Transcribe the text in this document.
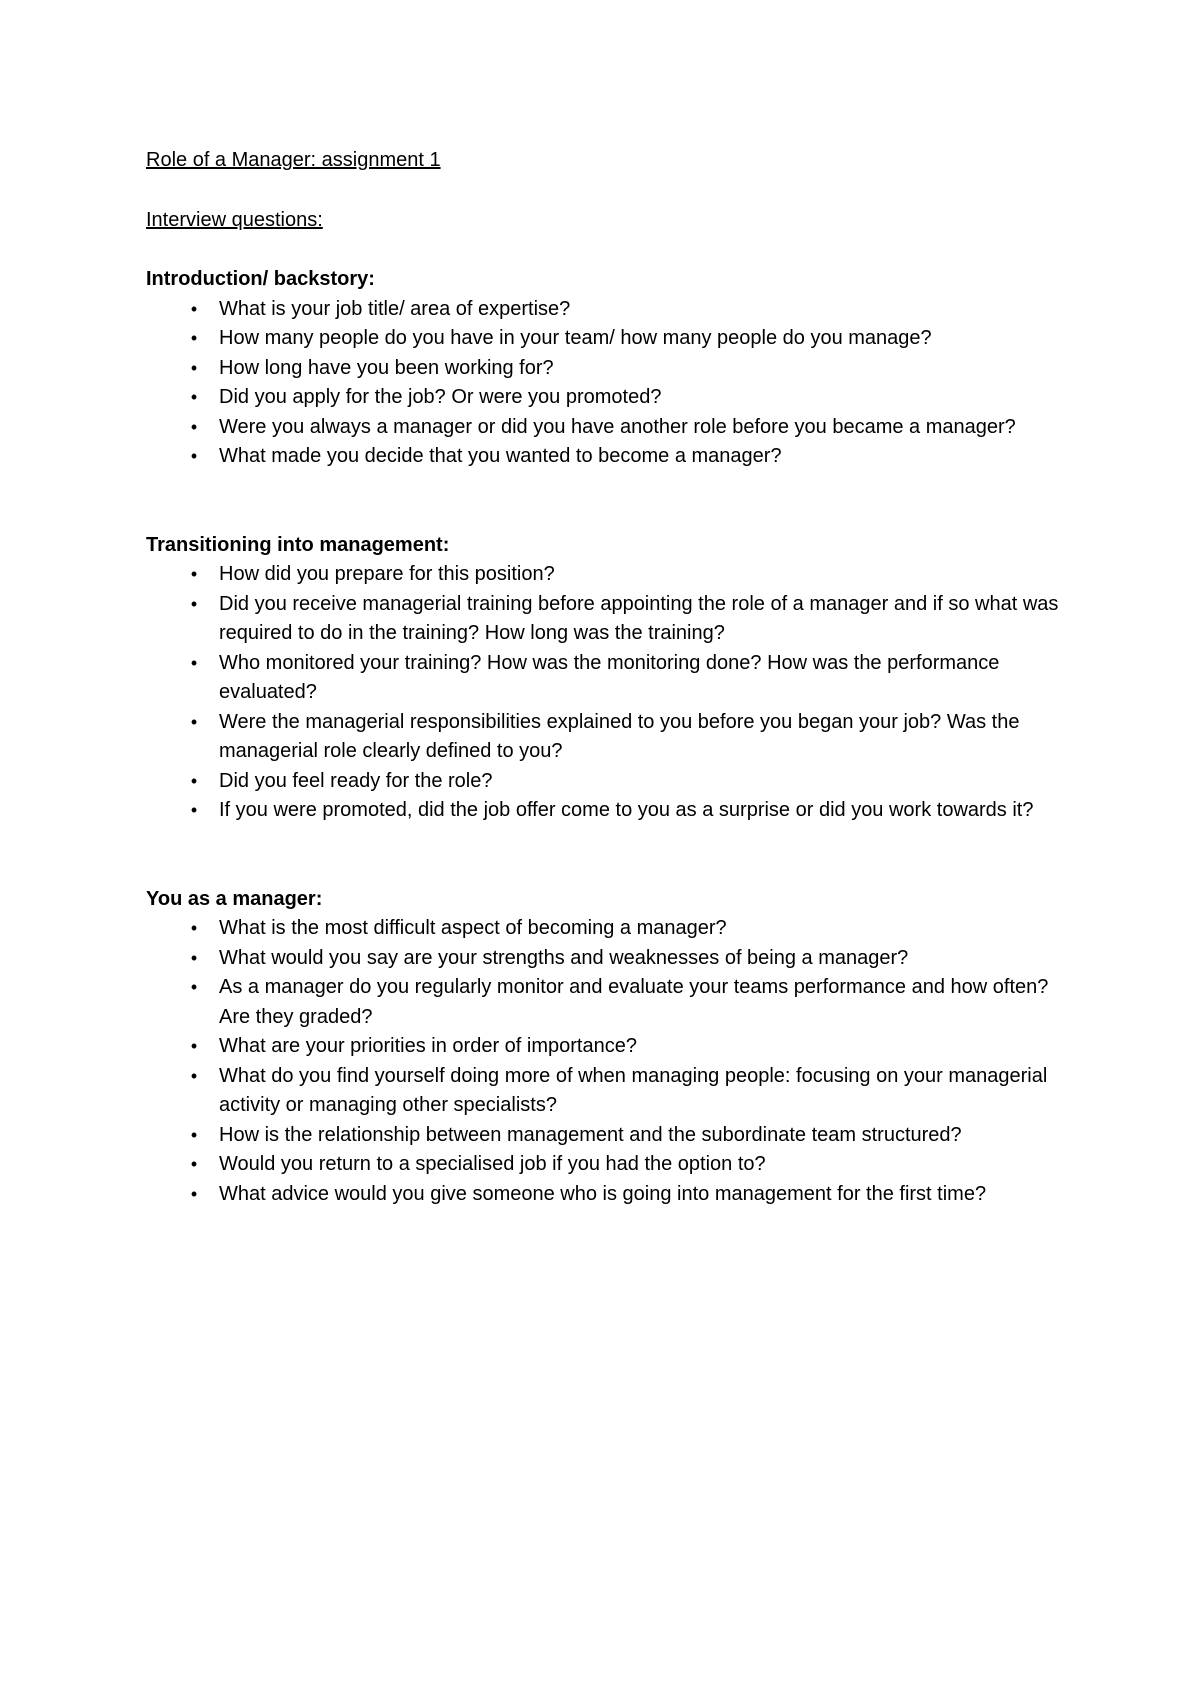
Role of a Manager: assignment 1

Interview questions:

Introduction/ backstory:

•	What is your job title/ area of expertise?
•	How many people do you have in your team/ how many people do you manage?
•	How long have you been working for?
•	Did you apply for the job? Or were you promoted?
•	Were you always a manager or did you have another role before you became a manager?
•	What made you decide that you wanted to become a manager?

Transitioning into management:

•	How did you prepare for this position?
•	Did you receive managerial training before appointing the role of a manager and if so what was required to do in the training? How long was the training?
•	Who monitored your training? How was the monitoring done? How was the performance evaluated?
•	Were the managerial responsibilities explained to you before you began your job? Was the managerial role clearly defined to you?
•	Did you feel ready for the role?
•	If you were promoted, did the job offer come to you as a surprise or did you work towards it?

You as a manager:

•	What is the most difficult aspect of becoming a manager?
•	What would you say are your strengths and weaknesses of being a manager?
•	As a manager do you regularly monitor and evaluate your teams performance and how often? Are they graded?
•	What are your priorities in order of importance?
•	What do you find yourself doing more of when managing people: focusing on your managerial activity or managing other specialists?
•	How is the relationship between management and the subordinate team structured?
•	Would you return to a specialised job if you had the option to?
•	What advice would you give someone who is going into management for the first time?
